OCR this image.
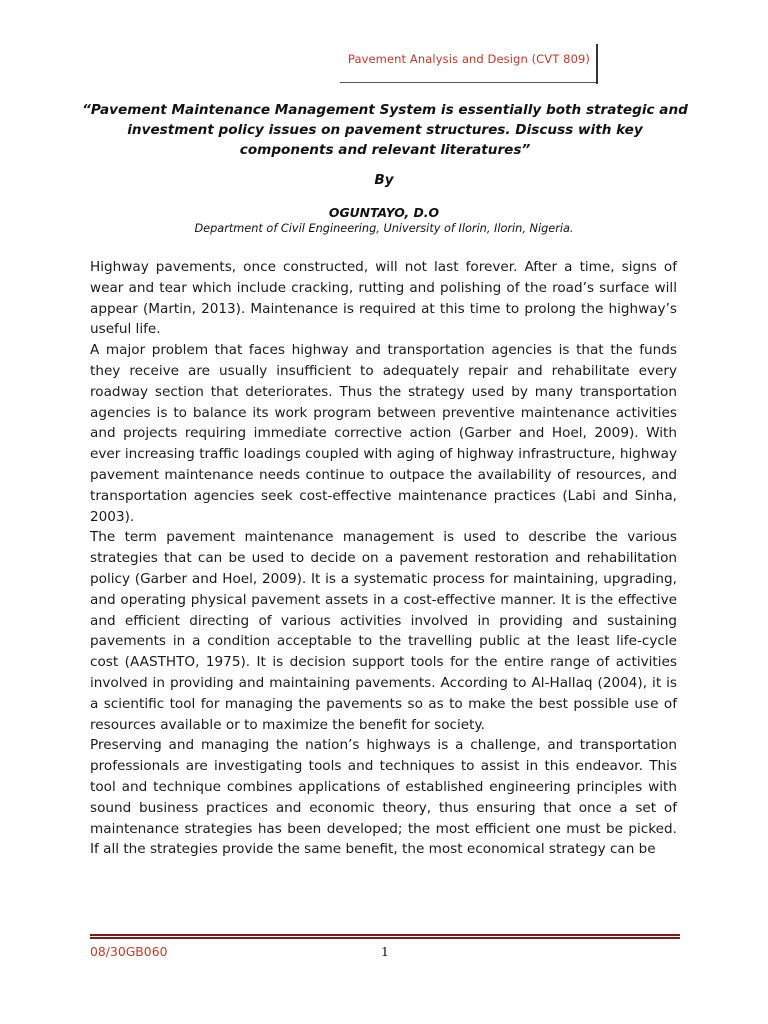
Pavement Analysis and Design (CVT 809)
“Pavement Maintenance Management System is essentially both strategic and investment policy issues on pavement structures. Discuss with key components and relevant literatures”
By
OGUNTAYO, D.O
Department of Civil Engineering, University of Ilorin, Ilorin, Nigeria.

Highway pavements, once constructed, will not last forever. After a time, signs of wear and tear which include cracking, rutting and polishing of the road’s surface will appear (Martin, 2013). Maintenance is required at this time to prolong the highway’s useful life.

A major problem that faces highway and transportation agencies is that the funds they receive are usually insufficient to adequately repair and rehabilitate every roadway section that deteriorates. Thus the strategy used by many transportation agencies is to balance its work program between preventive maintenance activities and projects requiring immediate corrective action (Garber and Hoel, 2009). With ever increasing traffic loadings coupled with aging of highway infrastructure, highway pavement maintenance needs continue to outpace the availability of resources, and transportation agencies seek cost-effective maintenance practices (Labi and Sinha, 2003).

The term pavement maintenance management is used to describe the various strategies that can be used to decide on a pavement restoration and rehabilitation policy (Garber and Hoel, 2009). It is a systematic process for maintaining, upgrading, and operating physical pavement assets in a cost-effective manner. It is the effective and efficient directing of various activities involved in providing and sustaining pavements in a condition acceptable to the travelling public at the least life-cycle cost (AASTHTO, 1975). It is decision support tools for the entire range of activities involved in providing and maintaining pavements. According to Al-Hallaq (2004), it is a scientific tool for managing the pavements so as to make the best possible use of resources available or to maximize the benefit for society.

Preserving and managing the nation’s highways is a challenge, and transportation professionals are investigating tools and techniques to assist in this endeavor. This tool and technique combines applications of established engineering principles with sound business practices and economic theory, thus ensuring that once a set of maintenance strategies has been developed; the most efficient one must be picked. If all the strategies provide the same benefit, the most economical strategy can be

08/30GB060	1
